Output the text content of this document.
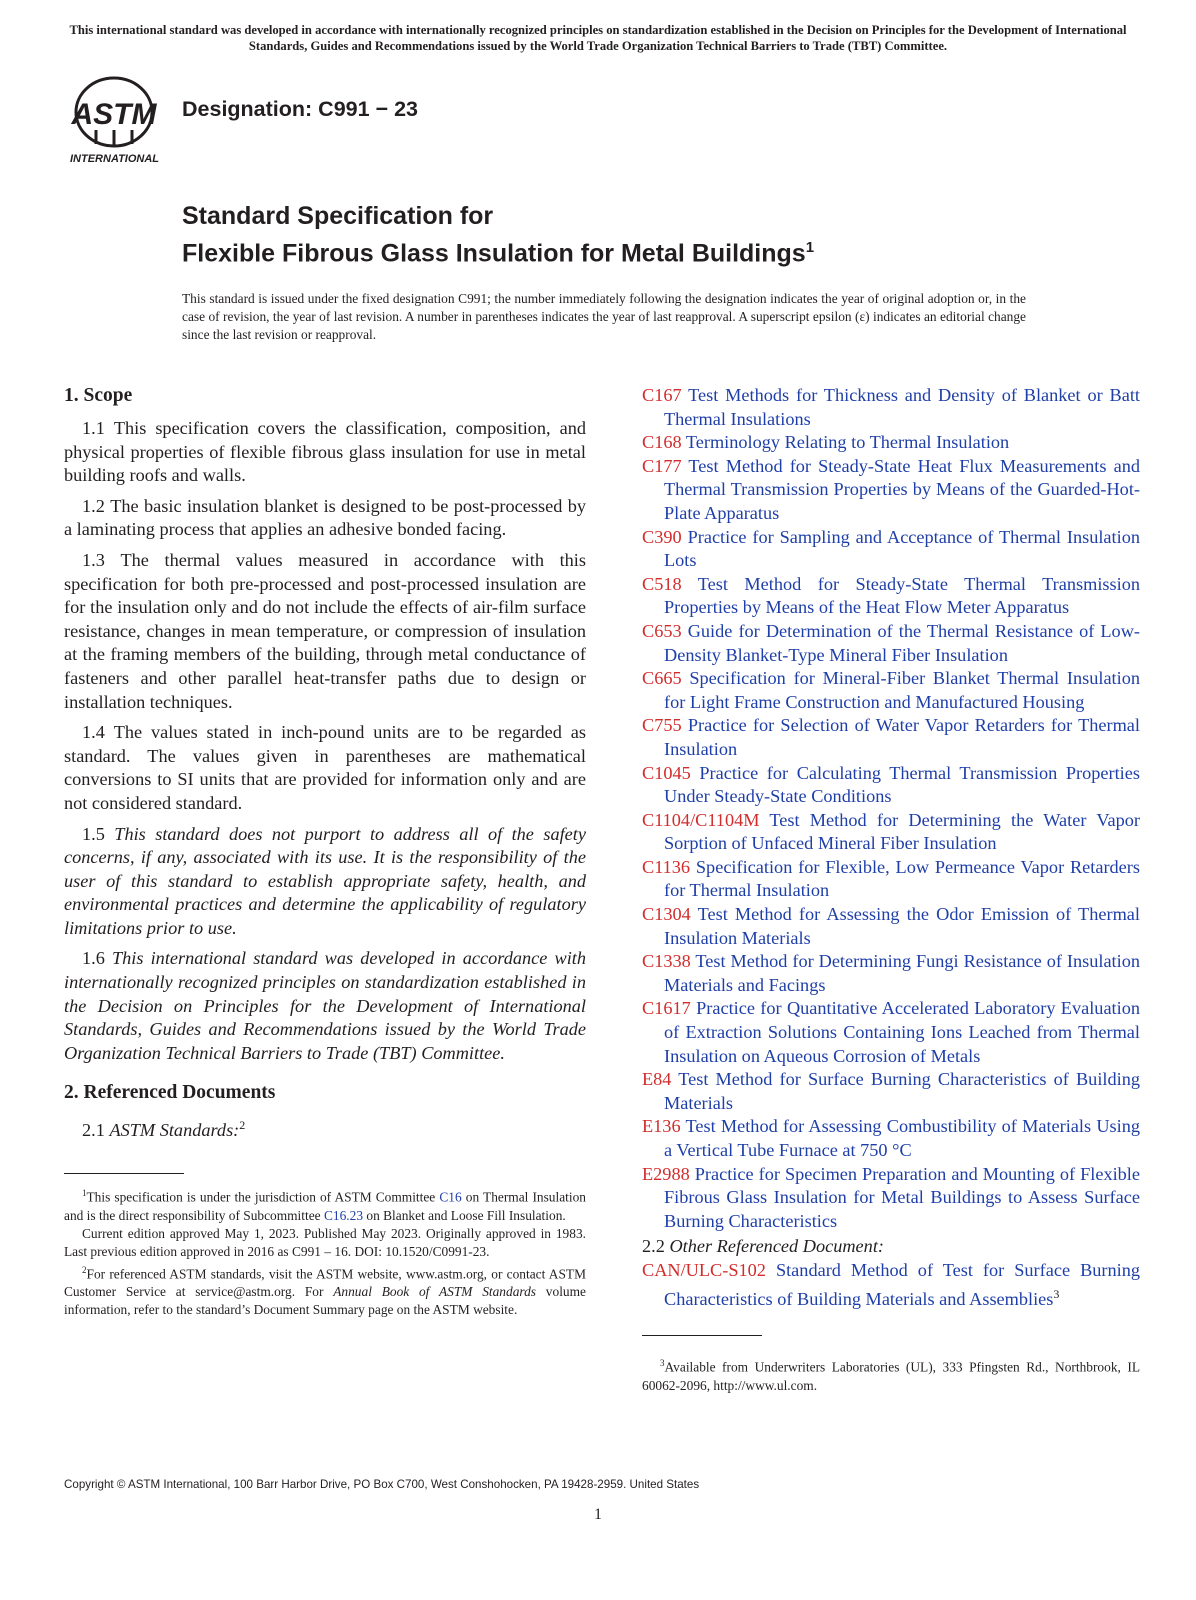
This international standard was developed in accordance with internationally recognized principles on standardization established in the Decision on Principles for the Development of International Standards, Guides and Recommendations issued by the World Trade Organization Technical Barriers to Trade (TBT) Committee.
ASTM
INTERNATIONAL
Designation: C991 − 23
Standard Specification for
Flexible Fibrous Glass Insulation for Metal Buildings$^1$
This standard is issued under the fixed designation C991; the number immediately following the designation indicates the year of original adoption or, in the case of revision, the year of last revision. A number in parentheses indicates the year of last reapproval. A superscript epsilon (ε) indicates an editorial change since the last revision or reapproval.
1. Scope
1.1 This specification covers the classification, composition, and physical properties of flexible fibrous glass insulation for use in metal building roofs and walls.
1.2 The basic insulation blanket is designed to be post-processed by a laminating process that applies an adhesive bonded facing.
1.3 The thermal values measured in accordance with this specification for both pre-processed and post-processed insulation are for the insulation only and do not include the effects of air-film surface resistance, changes in mean temperature, or compression of insulation at the framing members of the building, through metal conductance of fasteners and other parallel heat-transfer paths due to design or installation techniques.
1.4 The values stated in inch-pound units are to be regarded as standard. The values given in parentheses are mathematical conversions to SI units that are provided for information only and are not considered standard.
1.5 This standard does not purport to address all of the safety concerns, if any, associated with its use. It is the responsibility of the user of this standard to establish appropriate safety, health, and environmental practices and determine the applicability of regulatory limitations prior to use.
1.6 This international standard was developed in accordance with internationally recognized principles on standardization established in the Decision on Principles for the Development of International Standards, Guides and Recommendations issued by the World Trade Organization Technical Barriers to Trade (TBT) Committee.
2. Referenced Documents
2.1 ASTM Standards:$^2$
$^1$This specification is under the jurisdiction of ASTM Committee C16 on Thermal Insulation and is the direct responsibility of Subcommittee C16.23 on Blanket and Loose Fill Insulation.
Current edition approved May 1, 2023. Published May 2023. Originally approved in 1983. Last previous edition approved in 2016 as C991 – 16. DOI: 10.1520/C0991-23.
$^2$For referenced ASTM standards, visit the ASTM website, www.astm.org, or contact ASTM Customer Service at service@astm.org. For Annual Book of ASTM Standards volume information, refer to the standard’s Document Summary page on the ASTM website.
C167 Test Methods for Thickness and Density of Blanket or Batt Thermal Insulations
C168 Terminology Relating to Thermal Insulation
C177 Test Method for Steady-State Heat Flux Measurements and Thermal Transmission Properties by Means of the Guarded-Hot-Plate Apparatus
C390 Practice for Sampling and Acceptance of Thermal Insulation Lots
C518 Test Method for Steady-State Thermal Transmission Properties by Means of the Heat Flow Meter Apparatus
C653 Guide for Determination of the Thermal Resistance of Low-Density Blanket-Type Mineral Fiber Insulation
C665 Specification for Mineral-Fiber Blanket Thermal Insulation for Light Frame Construction and Manufactured Housing
C755 Practice for Selection of Water Vapor Retarders for Thermal Insulation
C1045 Practice for Calculating Thermal Transmission Properties Under Steady-State Conditions
C1104/C1104M Test Method for Determining the Water Vapor Sorption of Unfaced Mineral Fiber Insulation
C1136 Specification for Flexible, Low Permeance Vapor Retarders for Thermal Insulation
C1304 Test Method for Assessing the Odor Emission of Thermal Insulation Materials
C1338 Test Method for Determining Fungi Resistance of Insulation Materials and Facings
C1617 Practice for Quantitative Accelerated Laboratory Evaluation of Extraction Solutions Containing Ions Leached from Thermal Insulation on Aqueous Corrosion of Metals
E84 Test Method for Surface Burning Characteristics of Building Materials
E136 Test Method for Assessing Combustibility of Materials Using a Vertical Tube Furnace at 750 °C
E2988 Practice for Specimen Preparation and Mounting of Flexible Fibrous Glass Insulation for Metal Buildings to Assess Surface Burning Characteristics
2.2 Other Referenced Document:
CAN/ULC-S102 Standard Method of Test for Surface Burning Characteristics of Building Materials and Assemblies$^3$
$^3$Available from Underwriters Laboratories (UL), 333 Pfingsten Rd., Northbrook, IL 60062-2096, http://www.ul.com.
Copyright © ASTM International, 100 Barr Harbor Drive, PO Box C700, West Conshohocken, PA 19428-2959. United States
1
